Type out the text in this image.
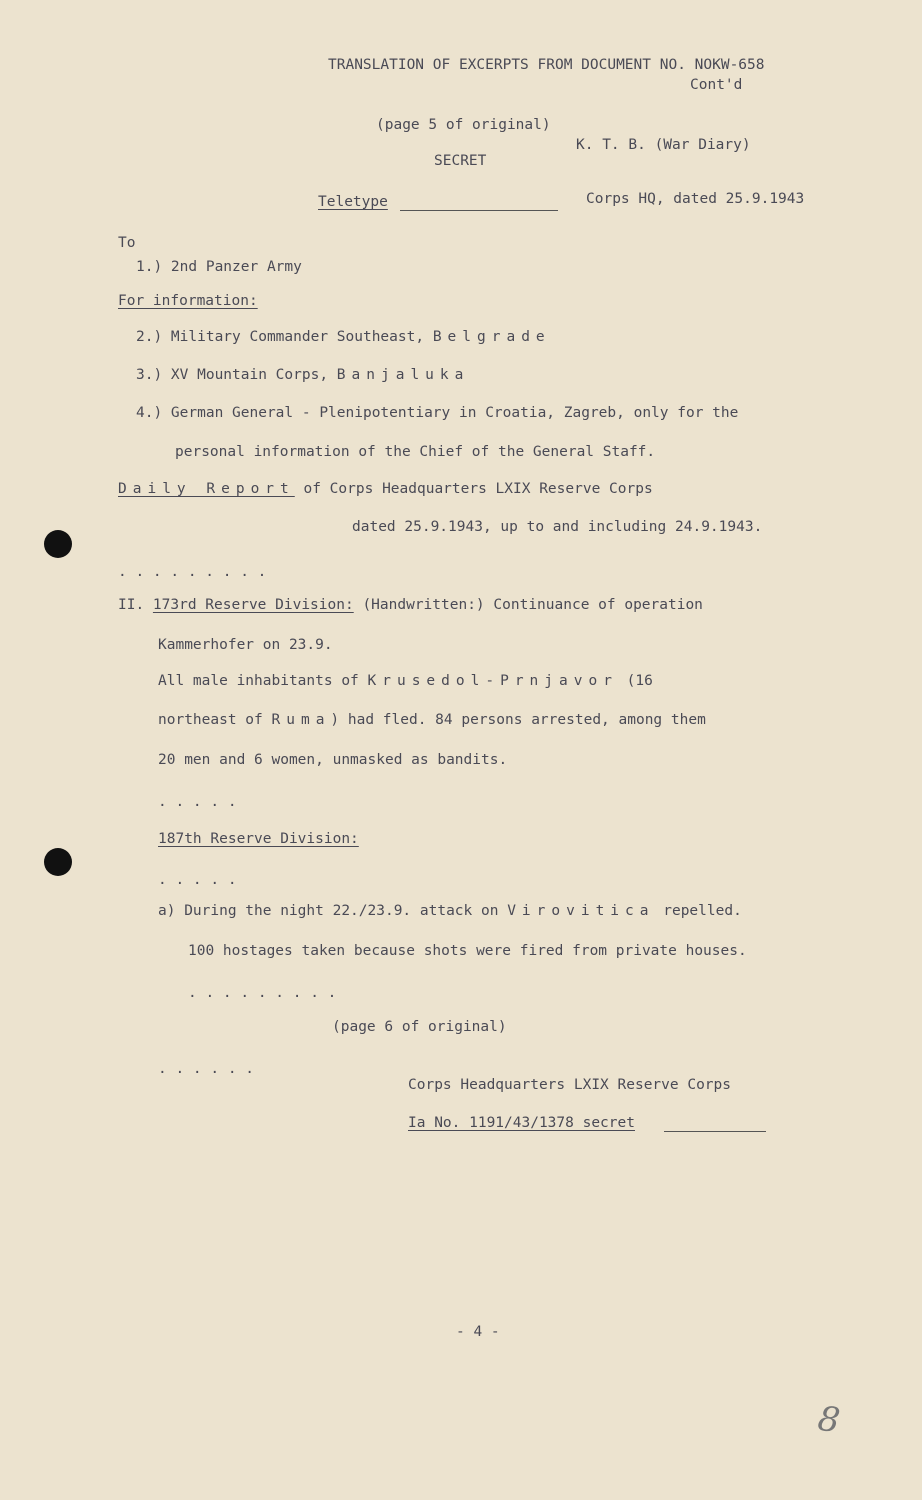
TRANSLATION OF EXCERPTS FROM DOCUMENT NO. NOKW-658
Cont'd
(page 5 of original)
K. T. B. (War Diary)
SECRET
Teletype	Corps HQ, dated 25.9.1943
To
1.) 2nd Panzer Army
For information:
2.) Military Commander Southeast, Belgrade
3.) XV Mountain Corps, Banjaluka
4.) German General - Plenipotentiary in Croatia, Zagreb, only for the
personal information of the Chief of the General Staff.
Daily Report of Corps Headquarters LXIX Reserve Corps
dated 25.9.1943, up to and including 24.9.1943.
. . . . . . . . .
II. 173rd Reserve Division: (Handwritten:) Continuance of operation
Kammerhofer on 23.9.
All male inhabitants of Krusedol-Prnjavor (16
northeast of Ruma) had fled. 84 persons arrested, among them
20 men and 6 women, unmasked as bandits.
. . . . .
187th Reserve Division:
. . . . .
a) During the night 22./23.9. attack on Virovitica repelled.
100 hostages taken because shots were fired from private houses.
. . . . . . . . .
(page 6 of original)
. . . . . .
Corps Headquarters LXIX Reserve Corps
Ia No. 1191/43/1378 secret
- 4 -
8
